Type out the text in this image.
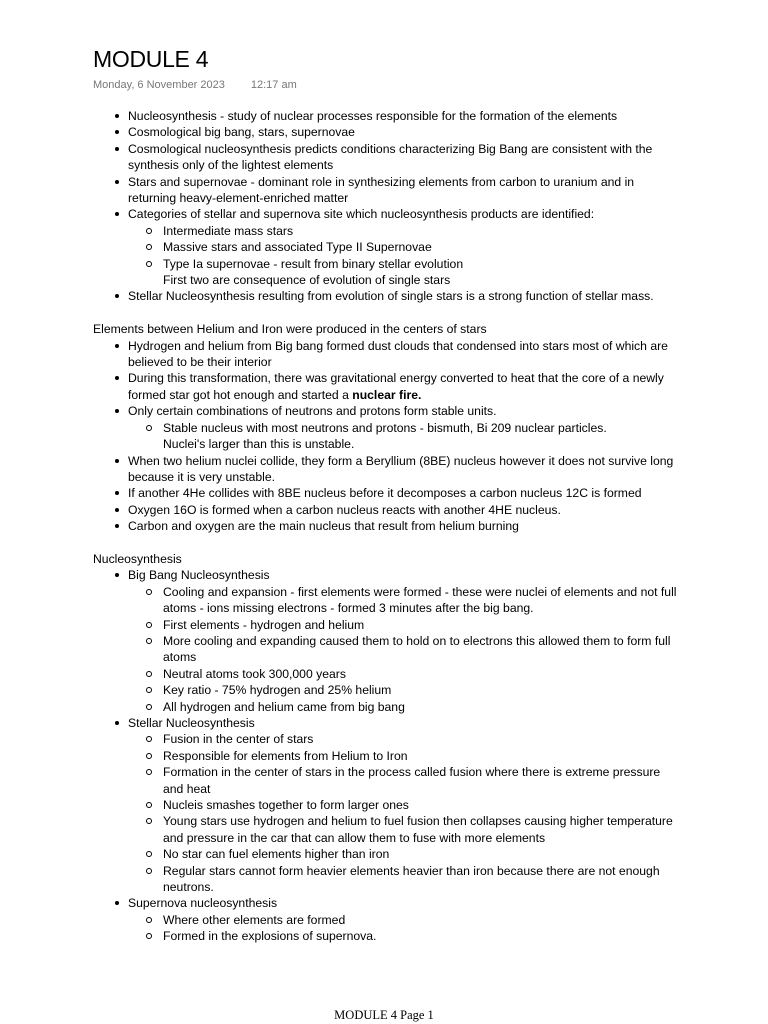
MODULE 4
Monday, 6 November 2023 12:17 am
Nucleosynthesis - study of nuclear processes responsible for the formation of the elements
Cosmological big bang, stars, supernovae
Cosmological nucleosynthesis predicts conditions characterizing Big Bang are consistent with the synthesis only of the lightest elements
Stars and supernovae - dominant role in synthesizing elements from carbon to uranium and in returning heavy-element-enriched matter
Categories of stellar and supernova site which nucleosynthesis products are identified:
Intermediate mass stars
Massive stars and associated Type II Supernovae
Type Ia supernovae - result from binary stellar evolution
First two are consequence of evolution of single stars
Stellar Nucleosynthesis resulting from evolution of single stars is a strong function of stellar mass.

Elements between Helium and Iron were produced in the centers of stars

Hydrogen and helium from Big bang formed dust clouds that condensed into stars most of which are believed to be their interior
During this transformation, there was gravitational energy converted to heat that the core of a newly formed star got hot enough and started a nuclear fire.
Only certain combinations of neutrons and protons form stable units.
Stable nucleus with most neutrons and protons - bismuth, Bi 209 nuclear particles.
Nuclei's larger than this is unstable.
When two helium nuclei collide, they form a Beryllium (8BE) nucleus however it does not survive long because it is very unstable.
If another 4He collides with 8BE nucleus before it decomposes a carbon nucleus 12C is formed
Oxygen 16O is formed when a carbon nucleus reacts with another 4HE nucleus.
Carbon and oxygen are the main nucleus that result from helium burning

Nucleosynthesis

Big Bang Nucleosynthesis
Cooling and expansion - first elements were formed - these were nuclei of elements and not full atoms - ions missing electrons - formed 3 minutes after the big bang.
First elements - hydrogen and helium
More cooling and expanding caused them to hold on to electrons this allowed them to form full atoms
Neutral atoms took 300,000 years
Key ratio - 75% hydrogen and 25% helium
All hydrogen and helium came from big bang
Stellar Nucleosynthesis
Fusion in the center of stars
Responsible for elements from Helium to Iron
Formation in the center of stars in the process called fusion where there is extreme pressure and heat
Nucleis smashes together to form larger ones
Young stars use hydrogen and helium to fuel fusion then collapses causing higher temperature and pressure in the car that can allow them to fuse with more elements
No star can fuel elements higher than iron
Regular stars cannot form heavier elements heavier than iron because there are not enough neutrons.
Supernova nucleosynthesis
Where other elements are formed
Formed in the explosions of supernova.
MODULE 4 Page 1
